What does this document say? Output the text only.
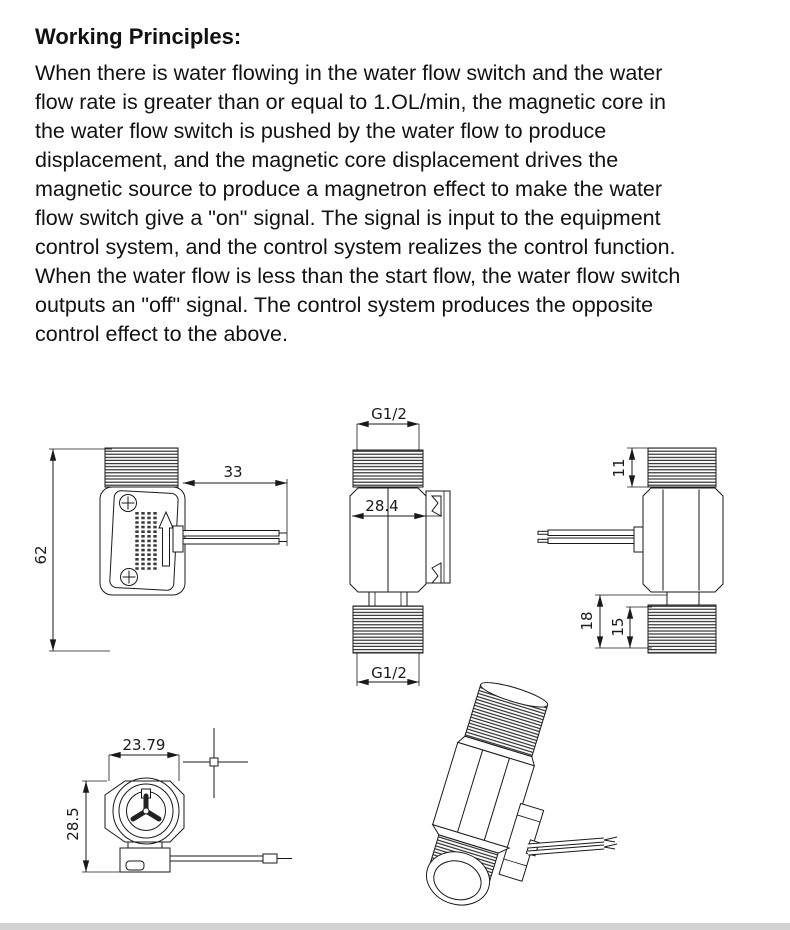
Working Principles:
When there is water flowing in the water flow switch and the water
flow rate is greater than or equal to 1.OL/min, the magnetic core in
the water flow switch is pushed by the water flow to produce
displacement, and the magnetic core displacement drives the
magnetic source to produce a magnetron effect to make the water
flow switch give a "on" signal. The signal is input to the equipment
control system, and the control system realizes the control function.
When the water flow is less than the start flow, the water flow switch
outputs an "off" signal. The control system produces the opposite
control effect to the above.
62
33
G1/2
28.4
G1/2
11
18 15
23.79
28.5
